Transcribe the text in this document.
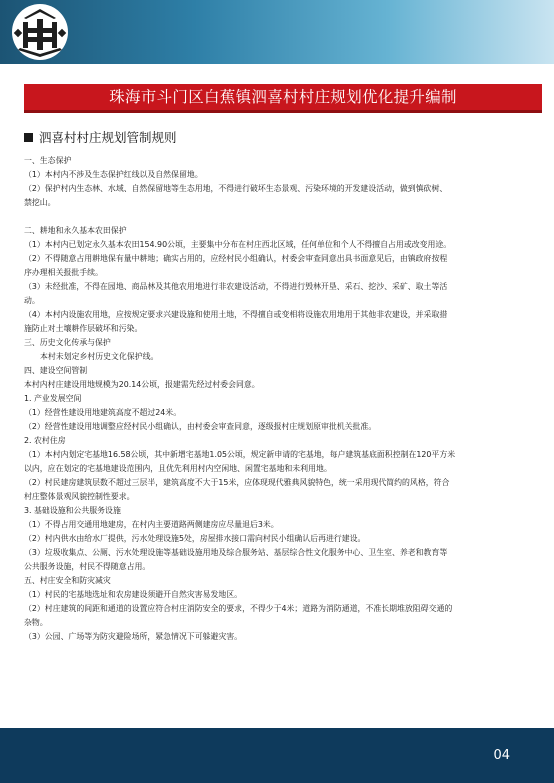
珠海市斗门区白蕉镇泗喜村村庄规划优化提升编制
泗喜村村庄规划管制规则

一、生态保护

（1）本村内不涉及生态保护红线以及自然保留地。

（2）保护村内生态林、水域、自然保留地等生态用地，不得进行破坏生态景观、污染环境的开发建设活动，做到慎砍树、

禁挖山。

二、耕地和永久基本农田保护

（1）本村内已划定永久基本农田154.90公顷，主要集中分布在村庄西北区域，任何单位和个人不得擅自占用或改变用途。

（2）不得随意占用耕地保有量中耕地；确实占用的，应经村民小组确认，村委会审查同意出具书面意见后，由镇政府按程

序办理相关报批手续。

（3）未经批准，不得在园地、商品林及其他农用地进行非农建设活动，不得进行毁林开垦、采石、挖沙、采矿、取土等活

动。

（4）本村内设施农用地，应按规定要求兴建设施和使用土地，不得擅自或变相将设施农用地用于其他非农建设，并采取措

施防止对土壤耕作层破坏和污染。

三、历史文化传承与保护

本村未划定乡村历史文化保护线。

四、建设空间管制

本村内村庄建设用地规模为20.14公顷，报建需先经过村委会同意。

1. 产业发展空间

（1）经营性建设用地建筑高度不超过24米。

（2）经营性建设用地调整应经村民小组确认，由村委会审查同意，逐级报村庄规划原审批机关批准。

2. 农村住房

（1）本村内划定宅基地16.58公顷，其中新增宅基地1.05公顷，规定新申请的宅基地，每户建筑基底面积控制在120平方米

以内，应在划定的宅基地建设范围内，且优先利用村内空闲地、闲置宅基地和未利用地。

（2）村民建房建筑层数不超过三层半，建筑高度不大于15米，应体现现代雅典风貌特色，统一采用现代简约的风格，符合

村庄整体景观风貌控制性要求。

3. 基础设施和公共服务设施

（1）不得占用交通用地建房，在村内主要道路两侧建房应尽量退后3米。

（2）村内供水由给水厂提供，污水处理设施5处，房屋排水接口需向村民小组确认后再进行建设。

（3）垃圾收集点、公厕、污水处理设施等基础设施用地及综合服务站、基层综合性文化服务中心、卫生室、养老和教育等

公共服务设施，村民不得随意占用。

五、村庄安全和防灾减灾

（1）村民的宅基地选址和农房建设须避开自然灾害易发地区。

（2）村庄建筑的间距和通道的设置应符合村庄消防安全的要求，不得少于4米；道路为消防通道，不准长期堆放阻碍交通的

杂物。

（3）公园、广场等为防灾避险场所，紧急情况下可躲避灾害。

04
